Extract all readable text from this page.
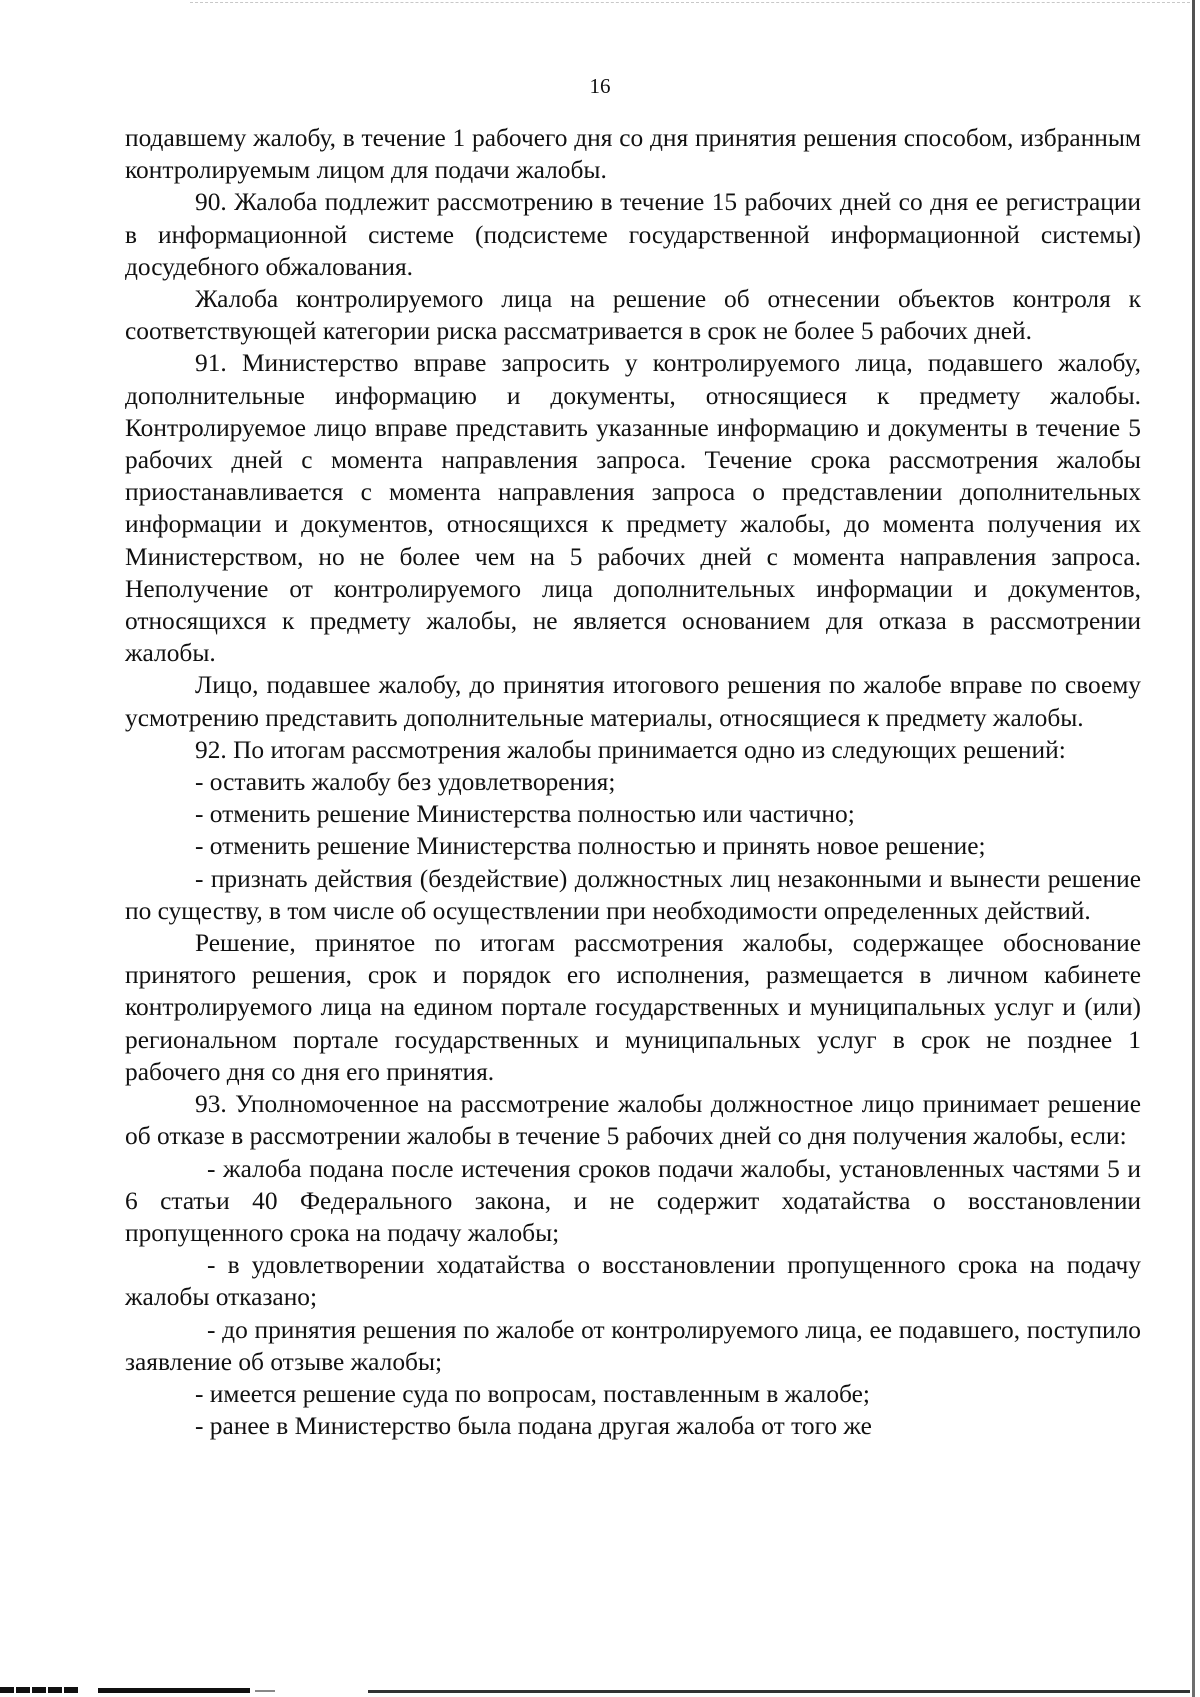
16

подавшему жалобу, в течение 1 рабочего дня со дня принятия решения способом, избранным контролируемым лицом для подачи жалобы.

90. Жалоба подлежит рассмотрению в течение 15 рабочих дней со дня ее регистрации в информационной системе (подсистеме государственной информационной системы) досудебного обжалования.

Жалоба контролируемого лица на решение об отнесении объектов контроля к соответствующей категории риска рассматривается в срок не более 5 рабочих дней.

91. Министерство вправе запросить у контролируемого лица, подавшего жалобу, дополнительные информацию и документы, относящиеся к предмету жалобы. Контролируемое лицо вправе представить указанные информацию и документы в течение 5 рабочих дней с момента направления запроса. Течение срока рассмотрения жалобы приостанавливается с момента направления запроса о представлении дополнительных информации и документов, относящихся к предмету жалобы, до момента получения их Министерством, но не более чем на 5 рабочих дней с момента направления запроса. Неполучение от контролируемого лица дополнительных информации и документов, относящихся к предмету жалобы, не является основанием для отказа в рассмотрении жалобы.

Лицо, подавшее жалобу, до принятия итогового решения по жалобе вправе по своему усмотрению представить дополнительные материалы, относящиеся к предмету жалобы.

92. По итогам рассмотрения жалобы принимается одно из следующих решений:

- оставить жалобу без удовлетворения;

- отменить решение Министерства полностью или частично;

- отменить решение Министерства полностью и принять новое решение;

- признать действия (бездействие) должностных лиц незаконными и вынести решение по существу, в том числе об осуществлении при необходимости определенных действий.

Решение, принятое по итогам рассмотрения жалобы, содержащее обоснование принятого решения, срок и порядок его исполнения, размещается в личном кабинете контролируемого лица на едином портале государственных и муниципальных услуг и (или) региональном портале государственных и муниципальных услуг в срок не позднее 1 рабочего дня со дня его принятия.

93. Уполномоченное на рассмотрение жалобы должностное лицо принимает решение об отказе в рассмотрении жалобы в течение 5 рабочих дней со дня получения жалобы, если:

- жалоба подана после истечения сроков подачи жалобы, установленных частями 5 и 6 статьи 40 Федерального закона, и не содержит ходатайства о восстановлении пропущенного срока на подачу жалобы;

- в удовлетворении ходатайства о восстановлении пропущенного срока на подачу жалобы отказано;

- до принятия решения по жалобе от контролируемого лица, ее подавшего, поступило заявление об отзыве жалобы;

- имеется решение суда по вопросам, поставленным в жалобе;

- ранее в Министерство была подана другая жалоба от того же
